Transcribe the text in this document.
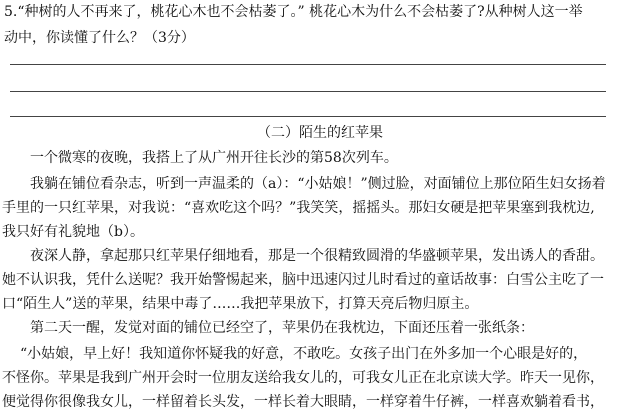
5.“种树的人不再来了，桃花心木也不会枯萎了。” 桃花心木为什么不会枯萎了?从种树人这一举
动中，你读懂了什么？（3分）
（二）陌生的红苹果
一个微寒的夜晚，我搭上了从广州开往长沙的第58次列车。
我躺在铺位看杂志，听到一声温柔的（a）：“小姑娘！”侧过脸，对面铺位上那位陌生妇女扬着
手里的一只红苹果，对我说：“喜欢吃这个吗？”我笑笑，摇摇头。那妇女硬是把苹果塞到我枕边,
我只好有礼貌地（b）。
夜深人静，拿起那只红苹果仔细地看，那是一个很精致圆滑的华盛顿苹果，发出诱人的香甜。
她不认识我，凭什么送呢？我开始警惕起来，脑中迅速闪过儿时看过的童话故事：白雪公主吃了一
口“陌生人”送的苹果，结果中毒了……我把苹果放下，打算天亮后物归原主。
第二天一醒，发觉对面的铺位已经空了，苹果仍在我枕边，下面还压着一张纸条：
“小姑娘，早上好！我知道你怀疑我的好意，不敢吃。女孩子出门在外多加一个心眼是好的，
不怪你。苹果是我到广州开会时一位朋友送给我女儿的，可我女儿正在北京读大学。昨天一见你，
便觉得你很像我女儿，一样留着长头发，一样长着大眼睛，一样穿着牛仔裤，一样喜欢躺着看书，
